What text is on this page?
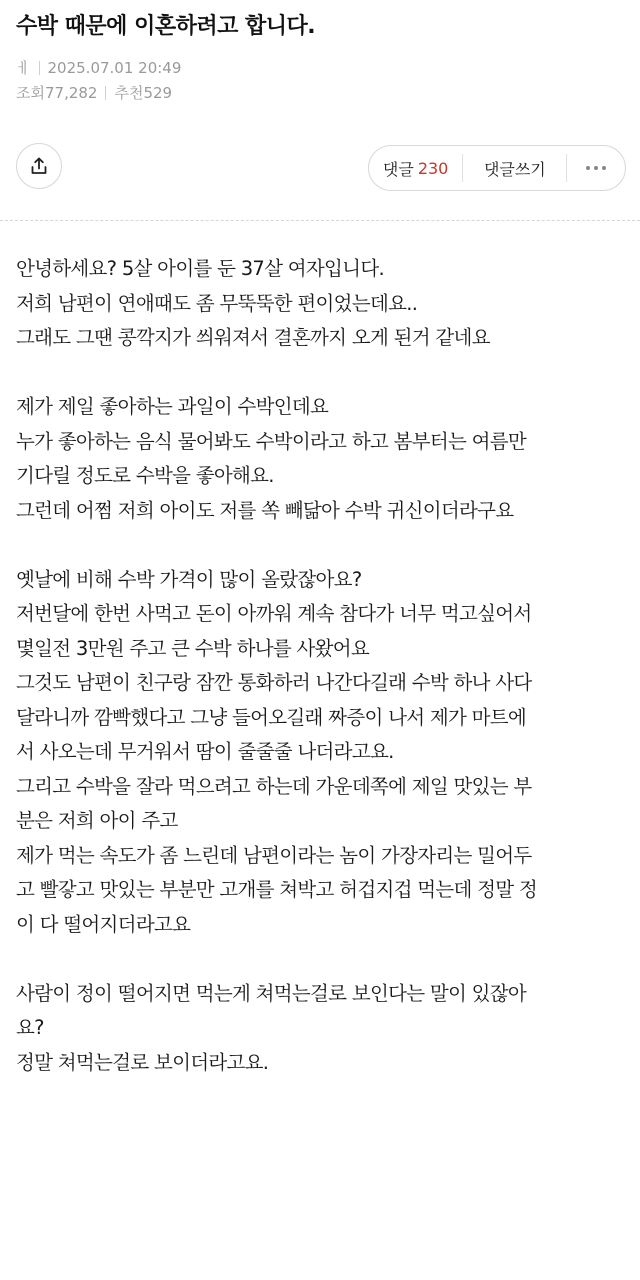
수박 때문에 이혼하려고 합니다.
ㅔ 2025.07.01 20:49
조회77,282 추천529
댓글 230 댓글쓰기

안녕하세요? 5살 아이를 둔 37살 여자입니다.

저희 남편이 연애때도 좀 무뚝뚝한 편이었는데요..

그래도 그땐 콩깍지가 씌워져서 결혼까지 오게 된거 같네요

제가 제일 좋아하는 과일이 수박인데요

누가 좋아하는 음식 물어봐도 수박이라고 하고 봄부터는 여름만

기다릴 정도로 수박을 좋아해요.

그런데 어쩜 저희 아이도 저를 쏙 빼닮아 수박 귀신이더라구요

옛날에 비해 수박 가격이 많이 올랐잖아요?

저번달에 한번 사먹고 돈이 아까워 계속 참다가 너무 먹고싶어서

몇일전 3만원 주고 큰 수박 하나를 사왔어요

그것도 남편이 친구랑 잠깐 통화하러 나간다길래 수박 하나 사다

달라니까 깜빡했다고 그냥 들어오길래 짜증이 나서 제가 마트에

서 사오는데 무거워서 땀이 줄줄줄 나더라고요.

그리고 수박을 잘라 먹으려고 하는데 가운데쪽에 제일 맛있는 부

분은 저희 아이 주고

제가 먹는 속도가 좀 느린데 남편이라는 놈이 가장자리는 밀어두

고 빨갛고 맛있는 부분만 고개를 쳐박고 허겁지겁 먹는데 정말 정

이 다 떨어지더라고요

사람이 정이 떨어지면 먹는게 쳐먹는걸로 보인다는 말이 있잖아

요?

정말 쳐먹는걸로 보이더라고요.
